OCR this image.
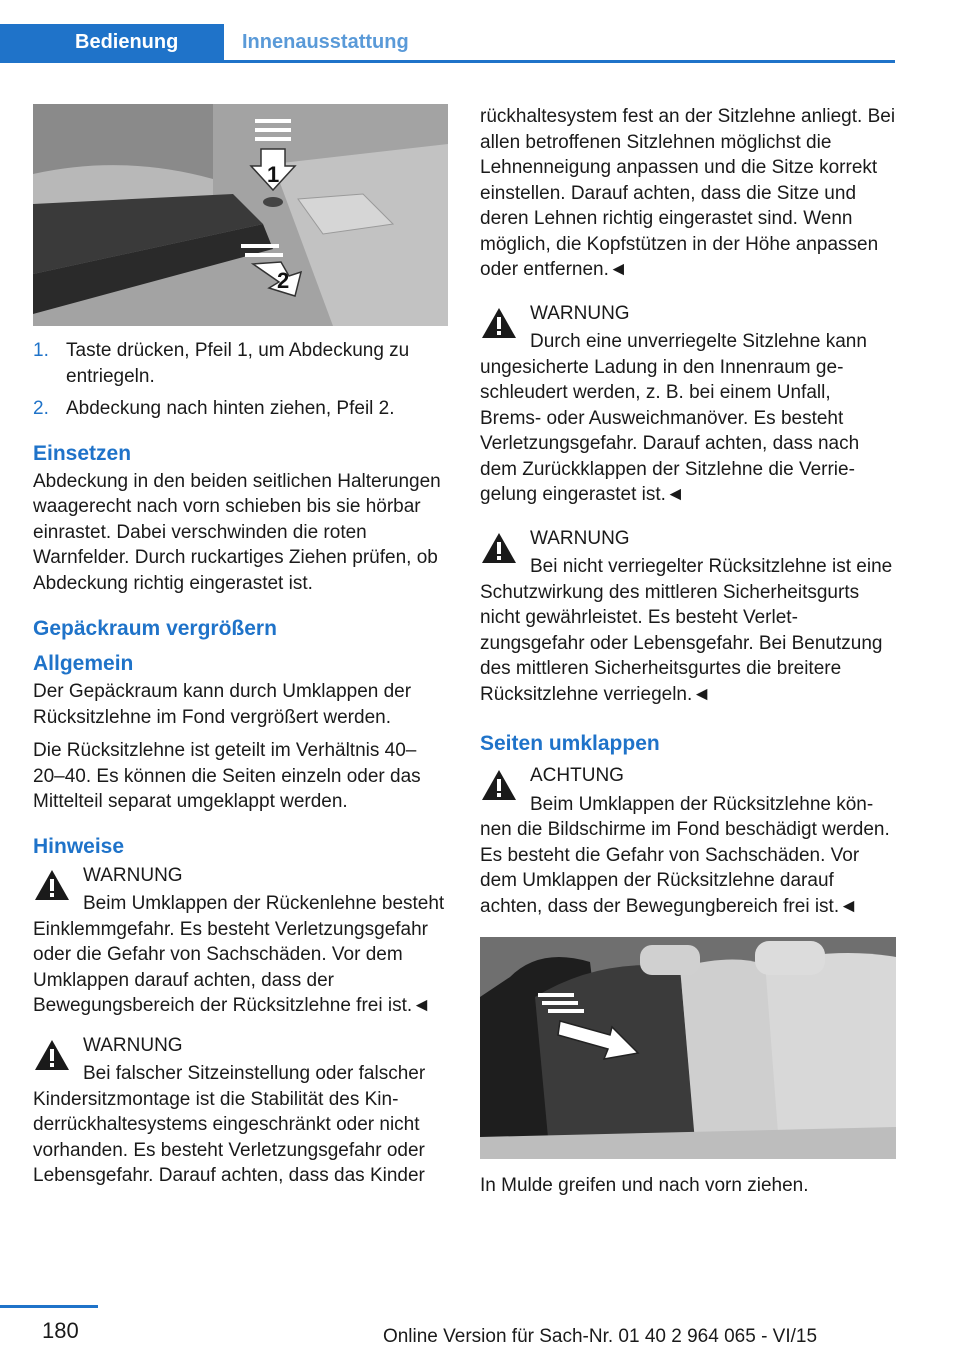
Bedienung	Innenausstattung
1
2
1. Taste drücken, Pfeil 1, um Abdeckung zu entriegeln.
2. Abdeckung nach hinten ziehen, Pfeil 2.
Einsetzen

Abdeckung in den beiden seitlichen Halterungen waagerecht nach vorn schieben bis sie hörbar einrastet. Dabei verschwinden die roten Warnfelder. Durch ruckartiges Ziehen prüfen, ob Abdeckung richtig eingerastet ist.

Gepäckraum vergrößern
Allgemein

Der Gepäckraum kann durch Umklappen der Rücksitzlehne im Fond vergrößert werden.

Die Rücksitzlehne ist geteilt im Verhältnis 40–20–40. Es können die Seiten einzeln oder das Mittelteil separat umgeklappt werden.

Hinweise
WARNUNG

Beim Umklappen der Rückenlehne besteht Einklemmgefahr. Es besteht Verletzungsgefahr oder die Gefahr von Sachschäden. Vor dem Umklappen darauf achten, dass der Bewegungsbereich der Rücksitzlehne frei ist.◄

WARNUNG

Bei falscher Sitzeinstellung oder falscher Kindersitzmontage ist die Stabilität des Kinderrückhaltesystems eingeschränkt oder nicht vorhanden. Es besteht Verletzungsgefahr oder Lebensgefahr. Darauf achten, dass das Kinder

rückhaltesystem fest an der Sitzlehne anliegt. Bei allen betroffenen Sitzlehnen möglichst die Lehnenneigung anpassen und die Sitze korrekt einstellen. Darauf achten, dass die Sitze und deren Lehnen richtig eingerastet sind. Wenn möglich, die Kopfstützen in der Höhe anpassen oder entfernen.◄

WARNUNG

Durch eine unverriegelte Sitzlehne kann ungesicherte Ladung in den Innenraum geschleudert werden, z. B. bei einem Unfall, Brems- oder Ausweichmanöver. Es besteht Verletzungsgefahr. Darauf achten, dass nach dem Zurückklappen der Sitzlehne die Verriegelung eingerastet ist.◄

WARNUNG

Bei nicht verriegelter Rücksitzlehne ist eine Schutzwirkung des mittleren Sicherheitsgurts nicht gewährleistet. Es besteht Verletzungsgefahr oder Lebensgefahr. Bei Benutzung des mittleren Sicherheitsgurtes die breitere Rücksitzlehne verriegeln.◄

Seiten umklappen
ACHTUNG

Beim Umklappen der Rücksitzlehne können die Bildschirme im Fond beschädigt werden. Es besteht die Gefahr von Sachschäden. Vor dem Umklappen der Rücksitzlehne darauf achten, dass der Bewegungbereich frei ist.◄

In Mulde greifen und nach vorn ziehen.

180	Online Version für Sach-Nr. 01 40 2 964 065 - VI/15
